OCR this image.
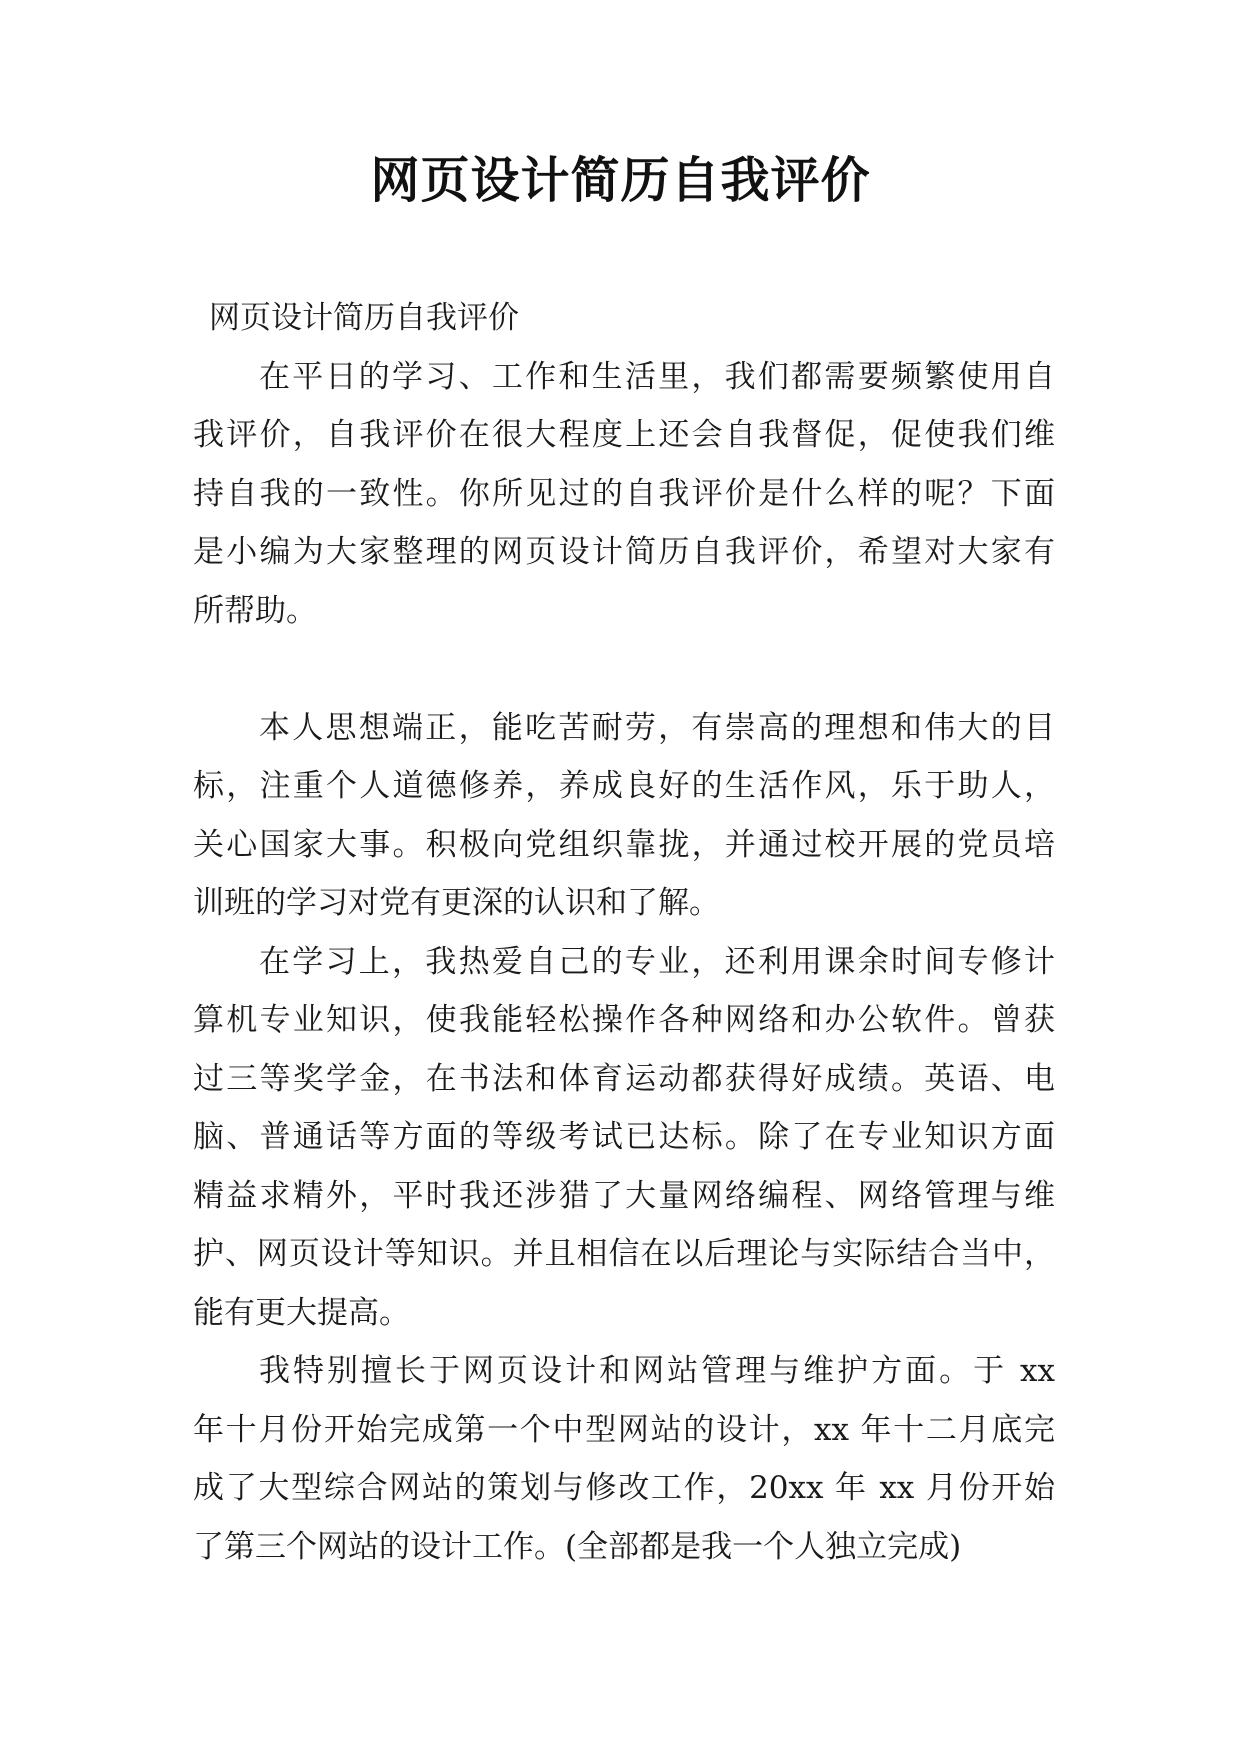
网页设计简历自我评价
网页设计简历自我评价
在平日的学习、工作和生活里，我们都需要频繁使用自
我评价，自我评价在很大程度上还会自我督促，促使我们维
持自我的一致性。你所见过的自我评价是什么样的呢？下面
是小编为大家整理的网页设计简历自我评价，希望对大家有
所帮助。
本人思想端正，能吃苦耐劳，有崇高的理想和伟大的目
标，注重个人道德修养，养成良好的生活作风，乐于助人，
关心国家大事。积极向党组织靠拢，并通过校开展的党员培
训班的学习对党有更深的认识和了解。
在学习上，我热爱自己的专业，还利用课余时间专修计
算机专业知识，使我能轻松操作各种网络和办公软件。曾获
过三等奖学金，在书法和体育运动都获得好成绩。英语、电
脑、普通话等方面的等级考试已达标。除了在专业知识方面
精益求精外，平时我还涉猎了大量网络编程、网络管理与维
护、网页设计等知识。并且相信在以后理论与实际结合当中，
能有更大提高。
我特别擅长于网页设计和网站管理与维护方面。于 xx
年十月份开始完成第一个中型网站的设计，xx 年十二月底完
成了大型综合网站的策划与修改工作，20xx 年 xx 月份开始
了第三个网站的设计工作。(全部都是我一个人独立完成)
